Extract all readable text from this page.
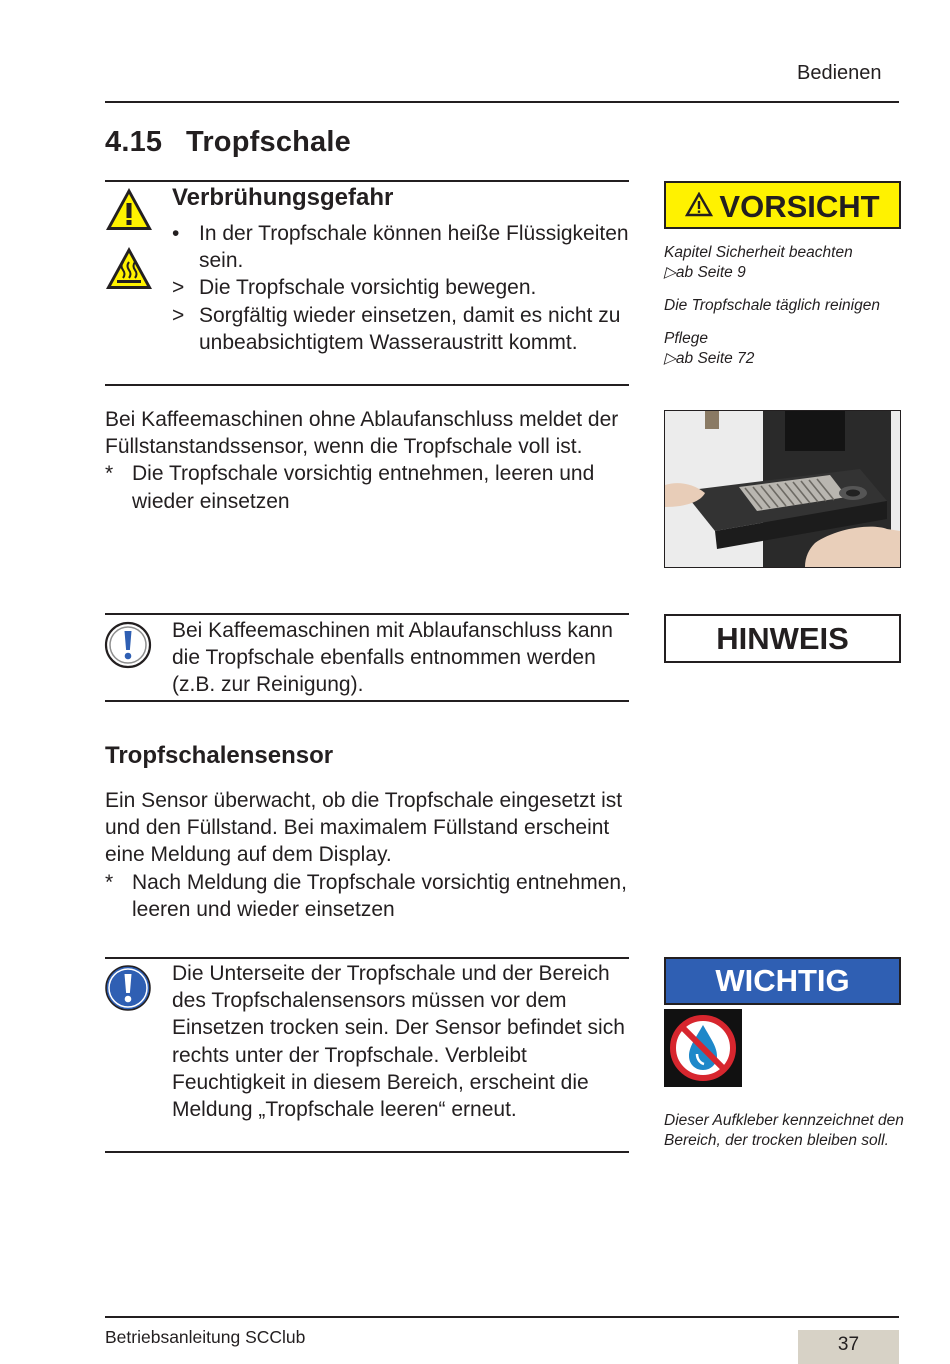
Bedienen
4.15 Tropfschale
Verbrühungsgefahr
• In der Tropfschale können heiße Flüssigkeiten sein.
> Die Tropfschale vorsichtig bewegen.
> Sorgfältig wieder einsetzen, damit es nicht zu unbeabsichtigtem Wasseraustritt kommt.
VORSICHT

Kapitel Sicherheit beachten
▷ab Seite 9

Die Tropfschale täglich reinigen

Pflege
▷ab Seite 72

Bei Kaffeemaschinen ohne Ablaufanschluss meldet der Füllstanstandssensor, wenn die Tropfschale voll ist.

* Die Tropfschale vorsichtig entnehmen, leeren und wieder einsetzen
Bei Kaffeemaschinen mit Ablaufanschluss kann die Tropfschale ebenfalls entnommen werden (z.B. zur Reinigung).
HINWEIS
Tropfschalensensor

Ein Sensor überwacht, ob die Tropfschale eingesetzt ist und den Füllstand. Bei maximalem Füllstand erscheint eine Meldung auf dem Display.

* Nach Meldung die Tropfschale vorsichtig entnehmen, leeren und wieder einsetzen
Die Unterseite der Tropfschale und der Bereich des Tropfschalensensors müssen vor dem Einsetzen trocken sein. Der Sensor befindet sich rechts unter der Tropfschale. Verbleibt Feuchtigkeit in diesem Bereich, erscheint die Meldung „Tropfschale leeren“ erneut.
WICHTIG
Dieser Aufkleber kennzeichnet den Bereich, der trocken bleiben soll.
Betriebsanleitung SCClub	37
